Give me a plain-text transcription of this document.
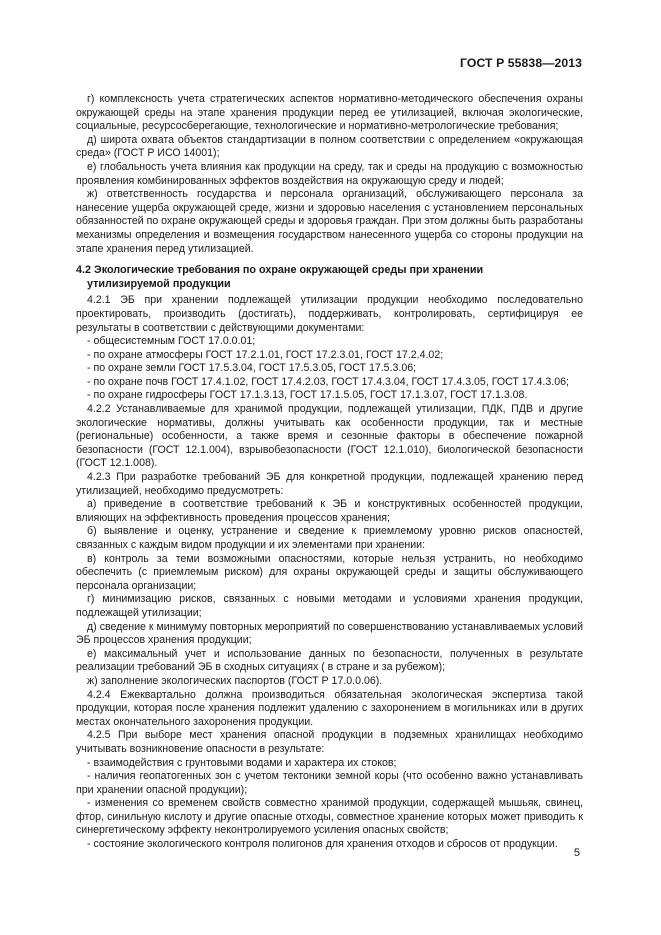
ГОСТ Р 55838—2013

г) комплексность учета стратегических аспектов нормативно-методического обеспечения охраны окружающей среды на этапе хранения продукции перед ее утилизацией, включая экологические, социальные, ресурсосберегающие, технологические и нормативно-метрологические требования;

д) широта охвата объектов стандартизации в полном соответствии с определением «окружающая среда» (ГОСТ Р ИСО 14001);

е) глобальность учета влияния как продукции на среду, так и среды на продукцию с возможностью проявления комбинированных эффектов воздействия на окружающую среду и людей;

ж) ответственность государства и персонала организаций, обслуживающего персонала за нанесение ущерба окружающей среде, жизни и здоровью населения с установлением персональных обязанностей по охране окружающей среды и здоровья граждан. При этом должны быть разработаны механизмы определения и возмещения государством нанесенного ущерба со стороны продукции на этапе хранения перед утилизацией.

4.2 Экологические требования по охране окружающей среды при хранении
утилизируемой продукции

4.2.1 ЭБ при хранении подлежащей утилизации продукции необходимо последовательно проектировать, производить (достигать), поддерживать, контролировать, сертифицируя ее результаты в соответствии с действующими документами:

- общесистемным ГОСТ 17.0.0.01;

- по охране атмосферы ГОСТ 17.2.1.01, ГОСТ 17.2.3.01, ГОСТ 17.2.4.02;

- по охране земли ГОСТ 17.5.3.04, ГОСТ 17.5.3.05, ГОСТ 17.5.3.06;

- по охране почв ГОСТ 17.4.1.02, ГОСТ 17.4.2.03, ГОСТ 17.4.3.04, ГОСТ 17.4.3.05, ГОСТ 17.4.3.06;

- по охране гидросферы ГОСТ 17.1.3.13, ГОСТ 17.1.5.05, ГОСТ 17.1.3.07, ГОСТ 17.1.3.08.

4.2.2 Устанавливаемые для хранимой продукции, подлежащей утилизации, ПДК, ПДВ и другие экологические нормативы, должны учитывать как особенности продукции, так и местные (региональные) особенности, а также время и сезонные факторы в обеспечение пожарной безопасности (ГОСТ 12.1.004), взрывобезопасности (ГОСТ 12.1.010), биологической безопасности (ГОСТ 12.1.008).

4.2.3 При разработке требований ЭБ для конкретной продукции, подлежащей хранению перед утилизацией, необходимо предусмотреть:

а) приведение в соответствие требований к ЭБ и конструктивных особенностей продукции, влияющих на эффективность проведения процессов хранения;

б) выявление и оценку, устранение и сведение к приемлемому уровню рисков опасностей, связанных с каждым видом продукции и их элементами при хранении:

в) контроль за теми возможными опасностями, которые нельзя устранить, но необходимо обеспечить (с приемлемым риском) для охраны окружающей среды и защиты обслуживающего персонала организации;

г) минимизацию рисков, связанных с новыми методами и условиями хранения продукции, подлежащей утилизации;

д) сведение к минимуму повторных мероприятий по совершенствованию устанавливаемых условий ЭБ процессов хранения продукции;

е) максимальный учет и использование данных по безопасности, полученных в результате реализации требований ЭБ в сходных ситуациях ( в стране и за рубежом);

ж) заполнение экологических паспортов (ГОСТ Р 17.0.0.06).

4.2.4 Ежеквартально должна производиться обязательная экологическая экспертиза такой продукции, которая после хранения подлежит удалению с захоронением в могильниках или в других местах окончательного захоронения продукции.

4.2.5 При выборе мест хранения опасной продукции в подземных хранилищах необходимо учитывать возникновение опасности в результате:

- взаимодействия с грунтовыми водами и характера их стоков;

- наличия геопатогенных зон с учетом тектоники земной коры (что особенно важно устанавливать при хранении опасной продукции);

- изменения со временем свойств совместно хранимой продукции, содержащей мышьяк, свинец, фтор, синильную кислоту и другие опасные отходы, совместное хранение которых может приводить к синергетическому эффекту неконтролируемого усиления опасных свойств;

- состояние экологического контроля полигонов для хранения отходов и сбросов от продукции.

5
